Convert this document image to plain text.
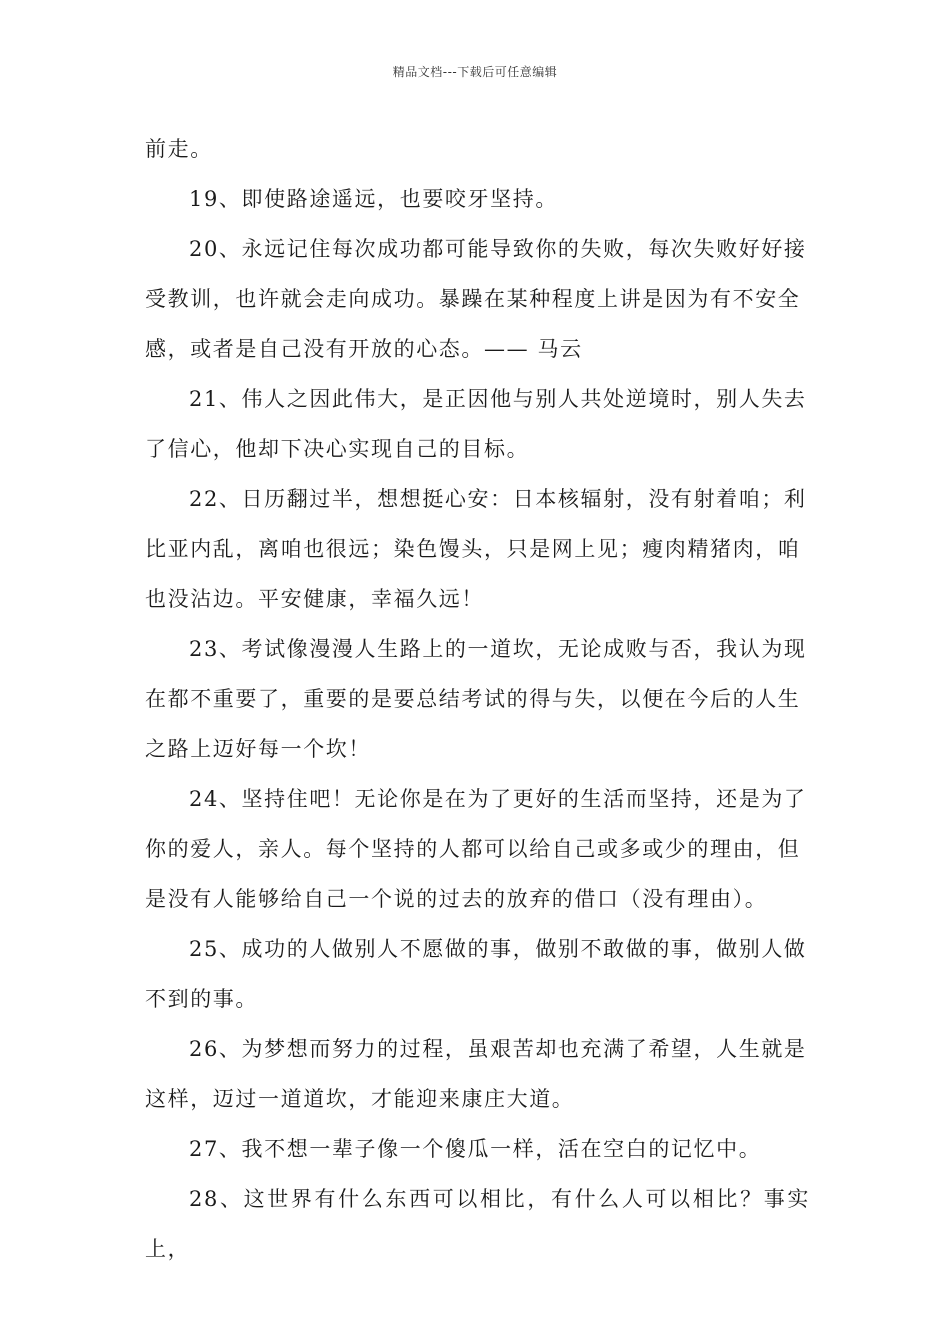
精品文档---下载后可任意编辑

前走。

19、即使路途遥远，也要咬牙坚持。

20、永远记住每次成功都可能导致你的失败，每次失败好好接
受教训，也许就会走向成功。暴躁在某种程度上讲是因为有不安全
感，或者是自己没有开放的心态。—— 马云

21、伟人之因此伟大，是正因他与别人共处逆境时，别人失去
了信心，他却下决心实现自己的目标。

22、日历翻过半，想想挺心安：日本核辐射，没有射着咱；利
比亚内乱，离咱也很远；染色馒头，只是网上见；瘦肉精猪肉，咱
也没沾边。平安健康，幸福久远！

23、考试像漫漫人生路上的一道坎，无论成败与否，我认为现
在都不重要了，重要的是要总结考试的得与失，以便在今后的人生
之路上迈好每一个坎！

24、坚持住吧！无论你是在为了更好的生活而坚持，还是为了
你的爱人，亲人。每个坚持的人都可以给自己或多或少的理由，但
是没有人能够给自己一个说的过去的放弃的借口（没有理由）。

25、成功的人做别人不愿做的事，做别不敢做的事，做别人做
不到的事。

26、为梦想而努力的过程，虽艰苦却也充满了希望，人生就是
这样，迈过一道道坎，才能迎来康庄大道。

27、我不想一辈子像一个傻瓜一样，活在空白的记忆中。

28、这世界有什么东西可以相比，有什么人可以相比？事实上，
